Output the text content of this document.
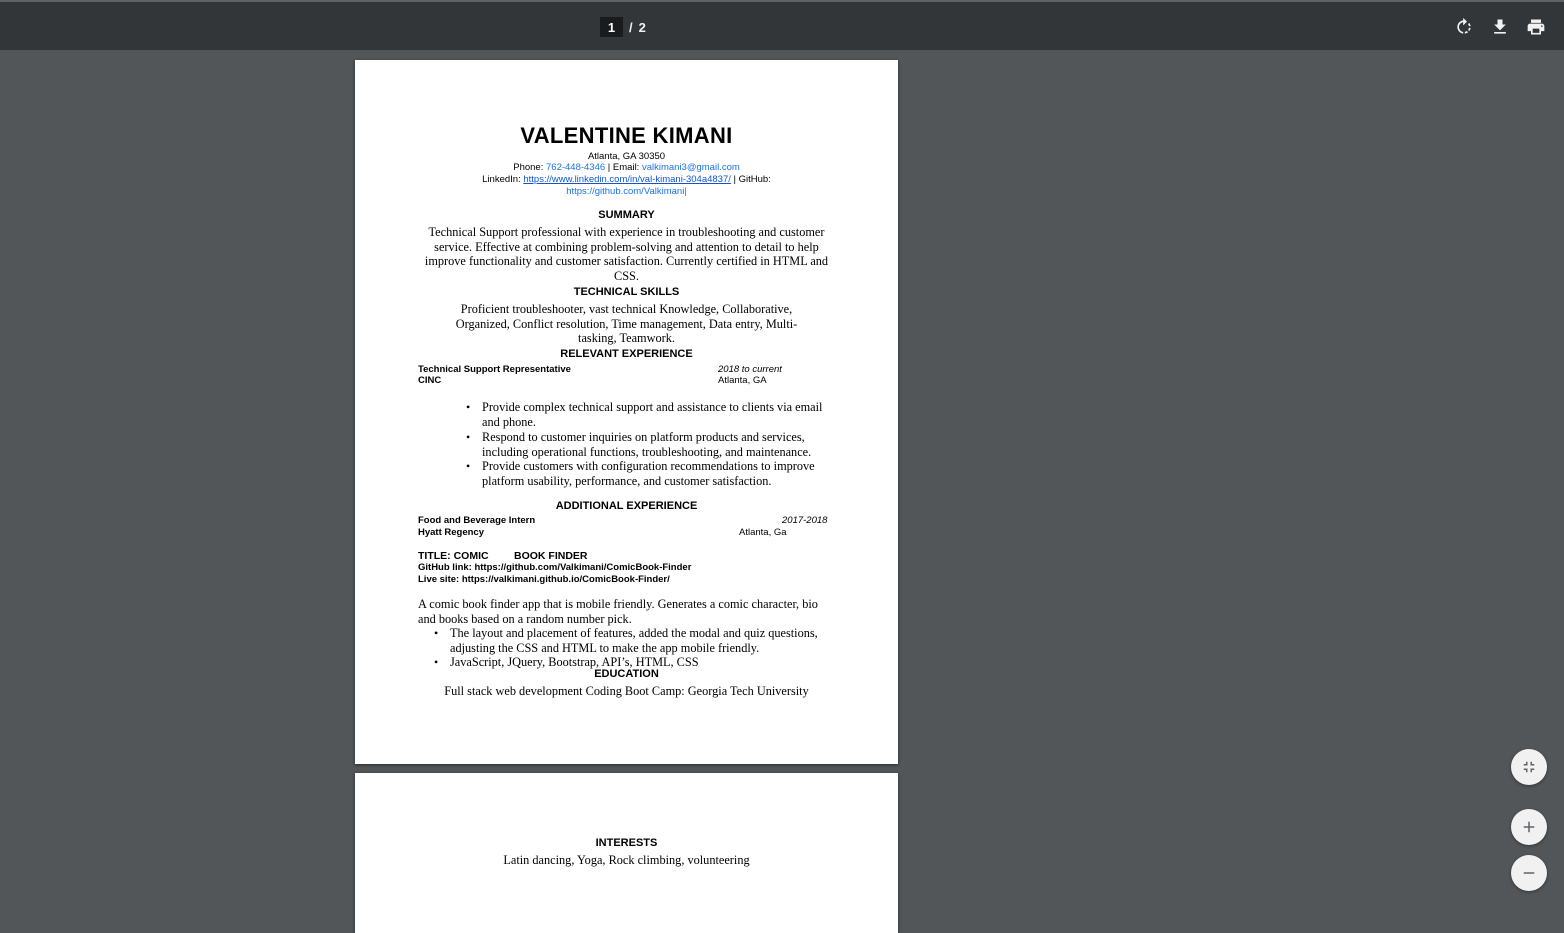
1
/ 2
VALENTINE KIMANI
Atlanta, GA 30350
Phone: 762-448-4346 | Email: valkimani3@gmail.com
LinkedIn: https://www.linkedin.com/in/val-kimani-304a4837/ | GitHub:
https://github.com/Valkimani|
SUMMARY
Technical Support professional with experience in troubleshooting and customer
service. Effective at combining problem-solving and attention to detail to help
improve functionality and customer satisfaction. Currently certified in HTML and
CSS.
TECHNICAL SKILLS
Proficient troubleshooter, vast technical Knowledge, Collaborative,
Organized, Conflict resolution, Time management, Data entry, Multi-
tasking, Teamwork.
RELEVANT EXPERIENCE
Technical Support Representative	2018 to current
CINC	Atlanta, GA
• Provide complex technical support and assistance to clients via email
and phone.
• Respond to customer inquiries on platform products and services,
including operational functions, troubleshooting, and maintenance.
• Provide customers with configuration recommendations to improve
platform usability, performance, and customer satisfaction.
ADDITIONAL EXPERIENCE
Food and Beverage Intern	2017-2018
Hyatt Regency	Atlanta, Ga
TITLE: COMIC BOOK FINDER
GitHub link: https://github.com/Valkimani/ComicBook-Finder
Live site: https://valkimani.github.io/ComicBook-Finder/
A comic book finder app that is mobile friendly. Generates a comic character, bio
and books based on a random number pick.
• The layout and placement of features, added the modal and quiz questions,
adjusting the CSS and HTML to make the app mobile friendly.
• JavaScript, JQuery, Bootstrap, API’s, HTML, CSS
EDUCATION
Full stack web development Coding Boot Camp: Georgia Tech University
INTERESTS
Latin dancing, Yoga, Rock climbing, volunteering
